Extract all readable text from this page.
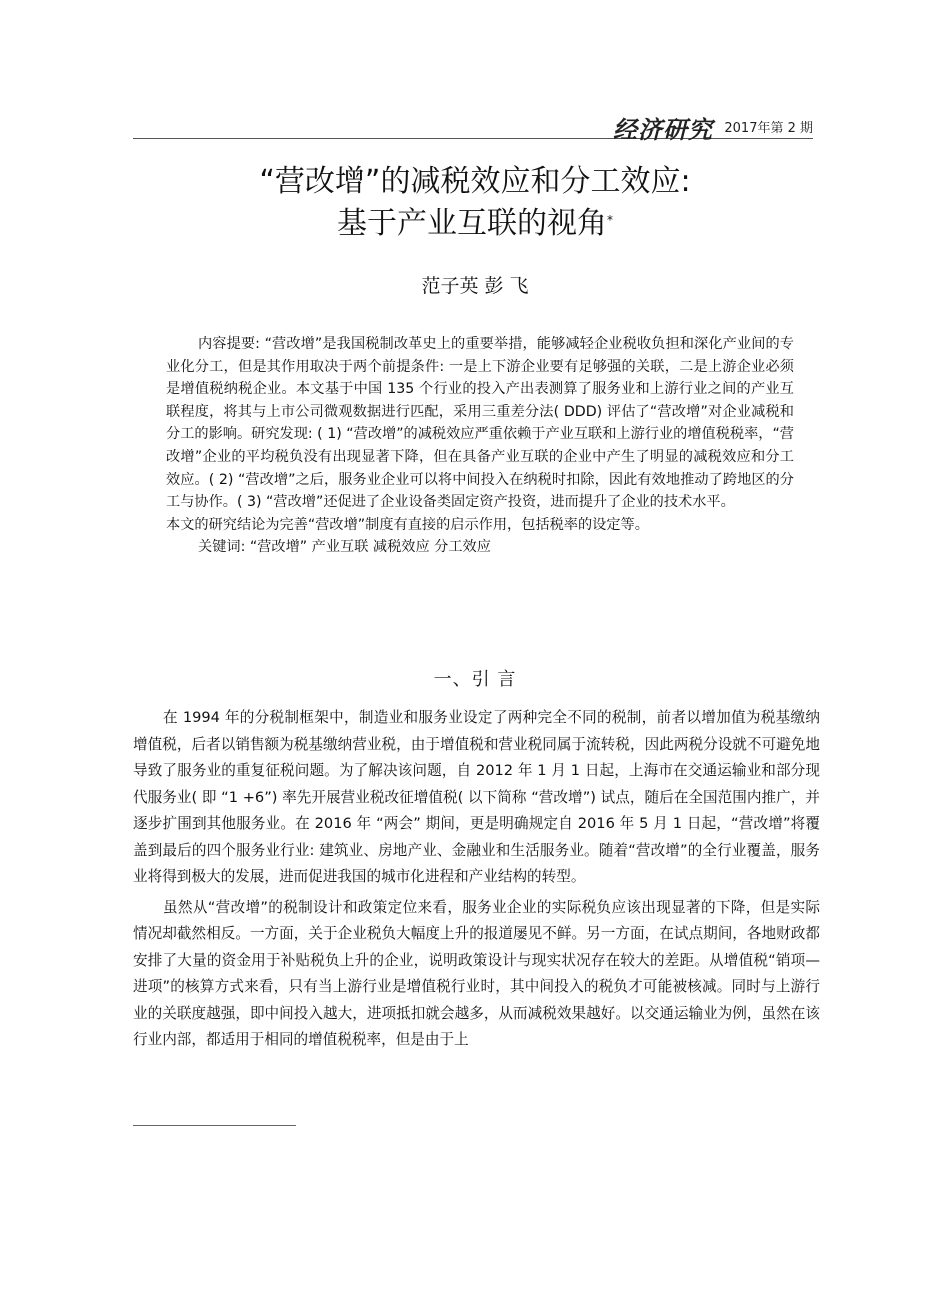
经济研究 2017年第 2 期
“营改增”的减税效应和分工效应:
基于产业互联的视角*
范子英 彭 飞

内容提要: “营改增”是我国税制改革史上的重要举措，能够减轻企业税收负担和深化产业间的专业化分工，但是其作用取决于两个前提条件: 一是上下游企业要有足够强的关联，二是上游企业必须是增值税纳税企业。本文基于中国 135 个行业的投入产出表测算了服务业和上游行业之间的产业互联程度，将其与上市公司微观数据进行匹配，采用三重差分法( DDD) 评估了“营改增”对企业减税和分工的影响。研究发现: ( 1) “营改增”的减税效应严重依赖于产业互联和上游行业的增值税税率，“营改增”企业的平均税负没有出现显著下降，但在具备产业互联的企业中产生了明显的减税效应和分工效应。( 2) “营改增”之后，服务业企业可以将中间投入在纳税时扣除，因此有效地推动了跨地区的分工与协作。( 3) “营改增”还促进了企业设备类固定资产投资，进而提升了企业的技术水平。

本文的研究结论为完善“营改增”制度有直接的启示作用，包括税率的设定等。

关键词: “营改增” 产业互联 减税效应 分工效应

一、引 言

在 1994 年的分税制框架中，制造业和服务业设定了两种完全不同的税制，前者以增加值为税基缴纳增值税，后者以销售额为税基缴纳营业税，由于增值税和营业税同属于流转税，因此两税分设就不可避免地导致了服务业的重复征税问题。为了解决该问题，自 2012 年 1 月 1 日起，上海市在交通运输业和部分现代服务业( 即 “1 +6”) 率先开展营业税改征增值税( 以下简称 “营改增”) 试点，随后在全国范围内推广，并逐步扩围到其他服务业。在 2016 年 “两会” 期间，更是明确规定自 2016 年 5 月 1 日起，“营改增”将覆盖到最后的四个服务业行业: 建筑业、房地产业、金融业和生活服务业。随着“营改增”的全行业覆盖，服务业将得到极大的发展，进而促进我国的城市化进程和产业结构的转型。

虽然从“营改增”的税制设计和政策定位来看，服务业企业的实际税负应该出现显著的下降，但是实际情况却截然相反。一方面，关于企业税负大幅度上升的报道屡见不鲜。另一方面，在试点期间，各地财政都安排了大量的资金用于补贴税负上升的企业，说明政策设计与现实状况存在较大的差距。从增值税“销项—进项”的核算方式来看，只有当上游行业是增值税行业时，其中间投入的税负才可能被核减。同时与上游行业的关联度越强，即中间投入越大，进项抵扣就会越多，从而减税效果越好。以交通运输业为例，虽然在该行业内部，都适用于相同的增值税税率，但是由于上
